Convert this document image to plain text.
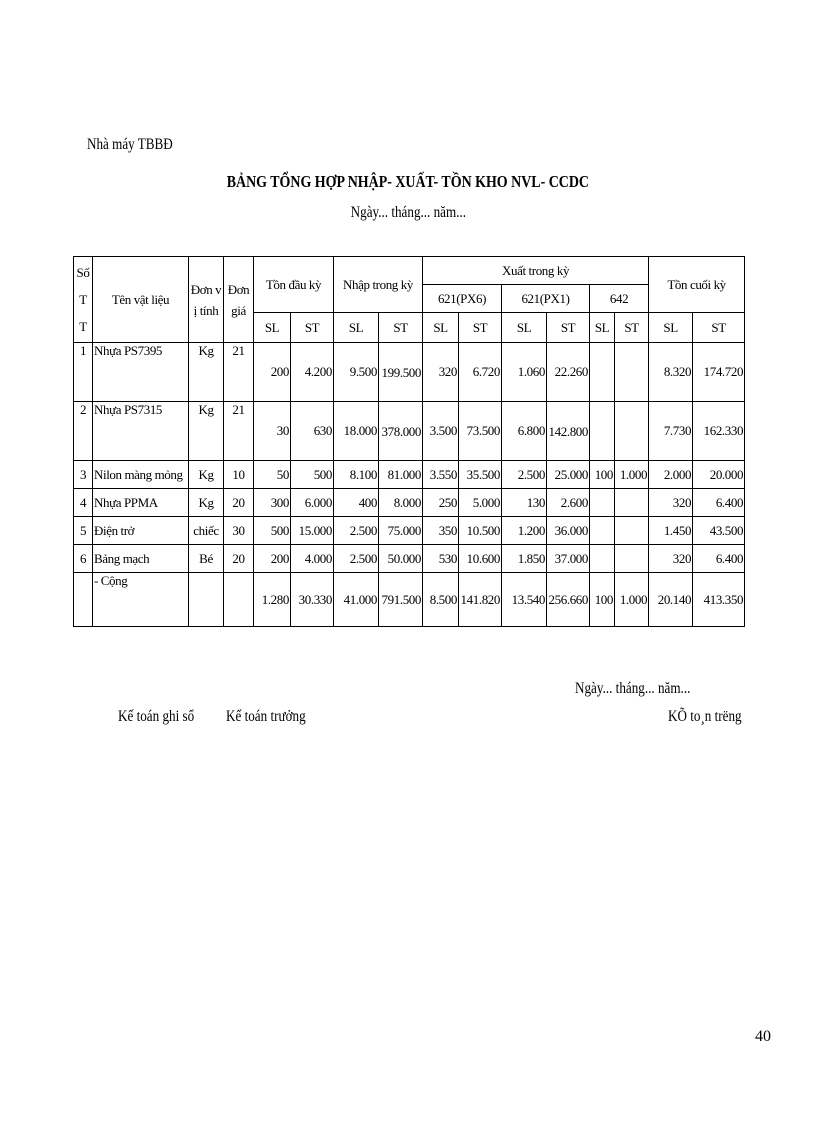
Nhà máy TBBĐ
BẢNG TỔNG HỢP NHẬP- XUẤT- TỒN KHO NVL- CCDC
Ngày... tháng... năm...
Số
T
T	Tên vật liệu	Đơn vị tính	Đơn giá	Tồn đầu kỳ		Nhập trong kỳ		Xuất trong kỳ						Tồn cuối kỳ	
								621(PX6)		621(PX1)		642			
				SL	ST	SL	ST	SL	ST	SL	ST	SL	ST	SL	ST
1	Nhựa PS7395	Kg	21	200	4.200	9.500	199.500	320	6.720	1.060	22.260			8.320	174.720
2	Nhựa PS7315	Kg	21	30	630	18.000	378.000	3.500	73.500	6.800	142.800			7.730	162.330
3	Nilon màng mỏng	Kg	10	50	500	8.100	81.000	3.550	35.500	2.500	25.000	100	1.000	2.000	20.000
4	Nhựa PPMA	Kg	20	300	6.000	400	8.000	250	5.000	130	2.600			320	6.400
5	Điện trở	chiếc	30	500	15.000	2.500	75.000	350	10.500	1.200	36.000			1.450	43.500
6	Bảng mạch	Bé	20	200	4.000	2.500	50.000	530	10.600	1.850	37.000			320	6.400
	- Cộng			1.280	30.330	41.000	791.500	8.500	141.820	13.540	256.660	100	1.000	20.140	413.350
Ngày... tháng... năm...
Kế toán ghi sổ	Kế toán trưởng	KÕ to¸n trëng
40
